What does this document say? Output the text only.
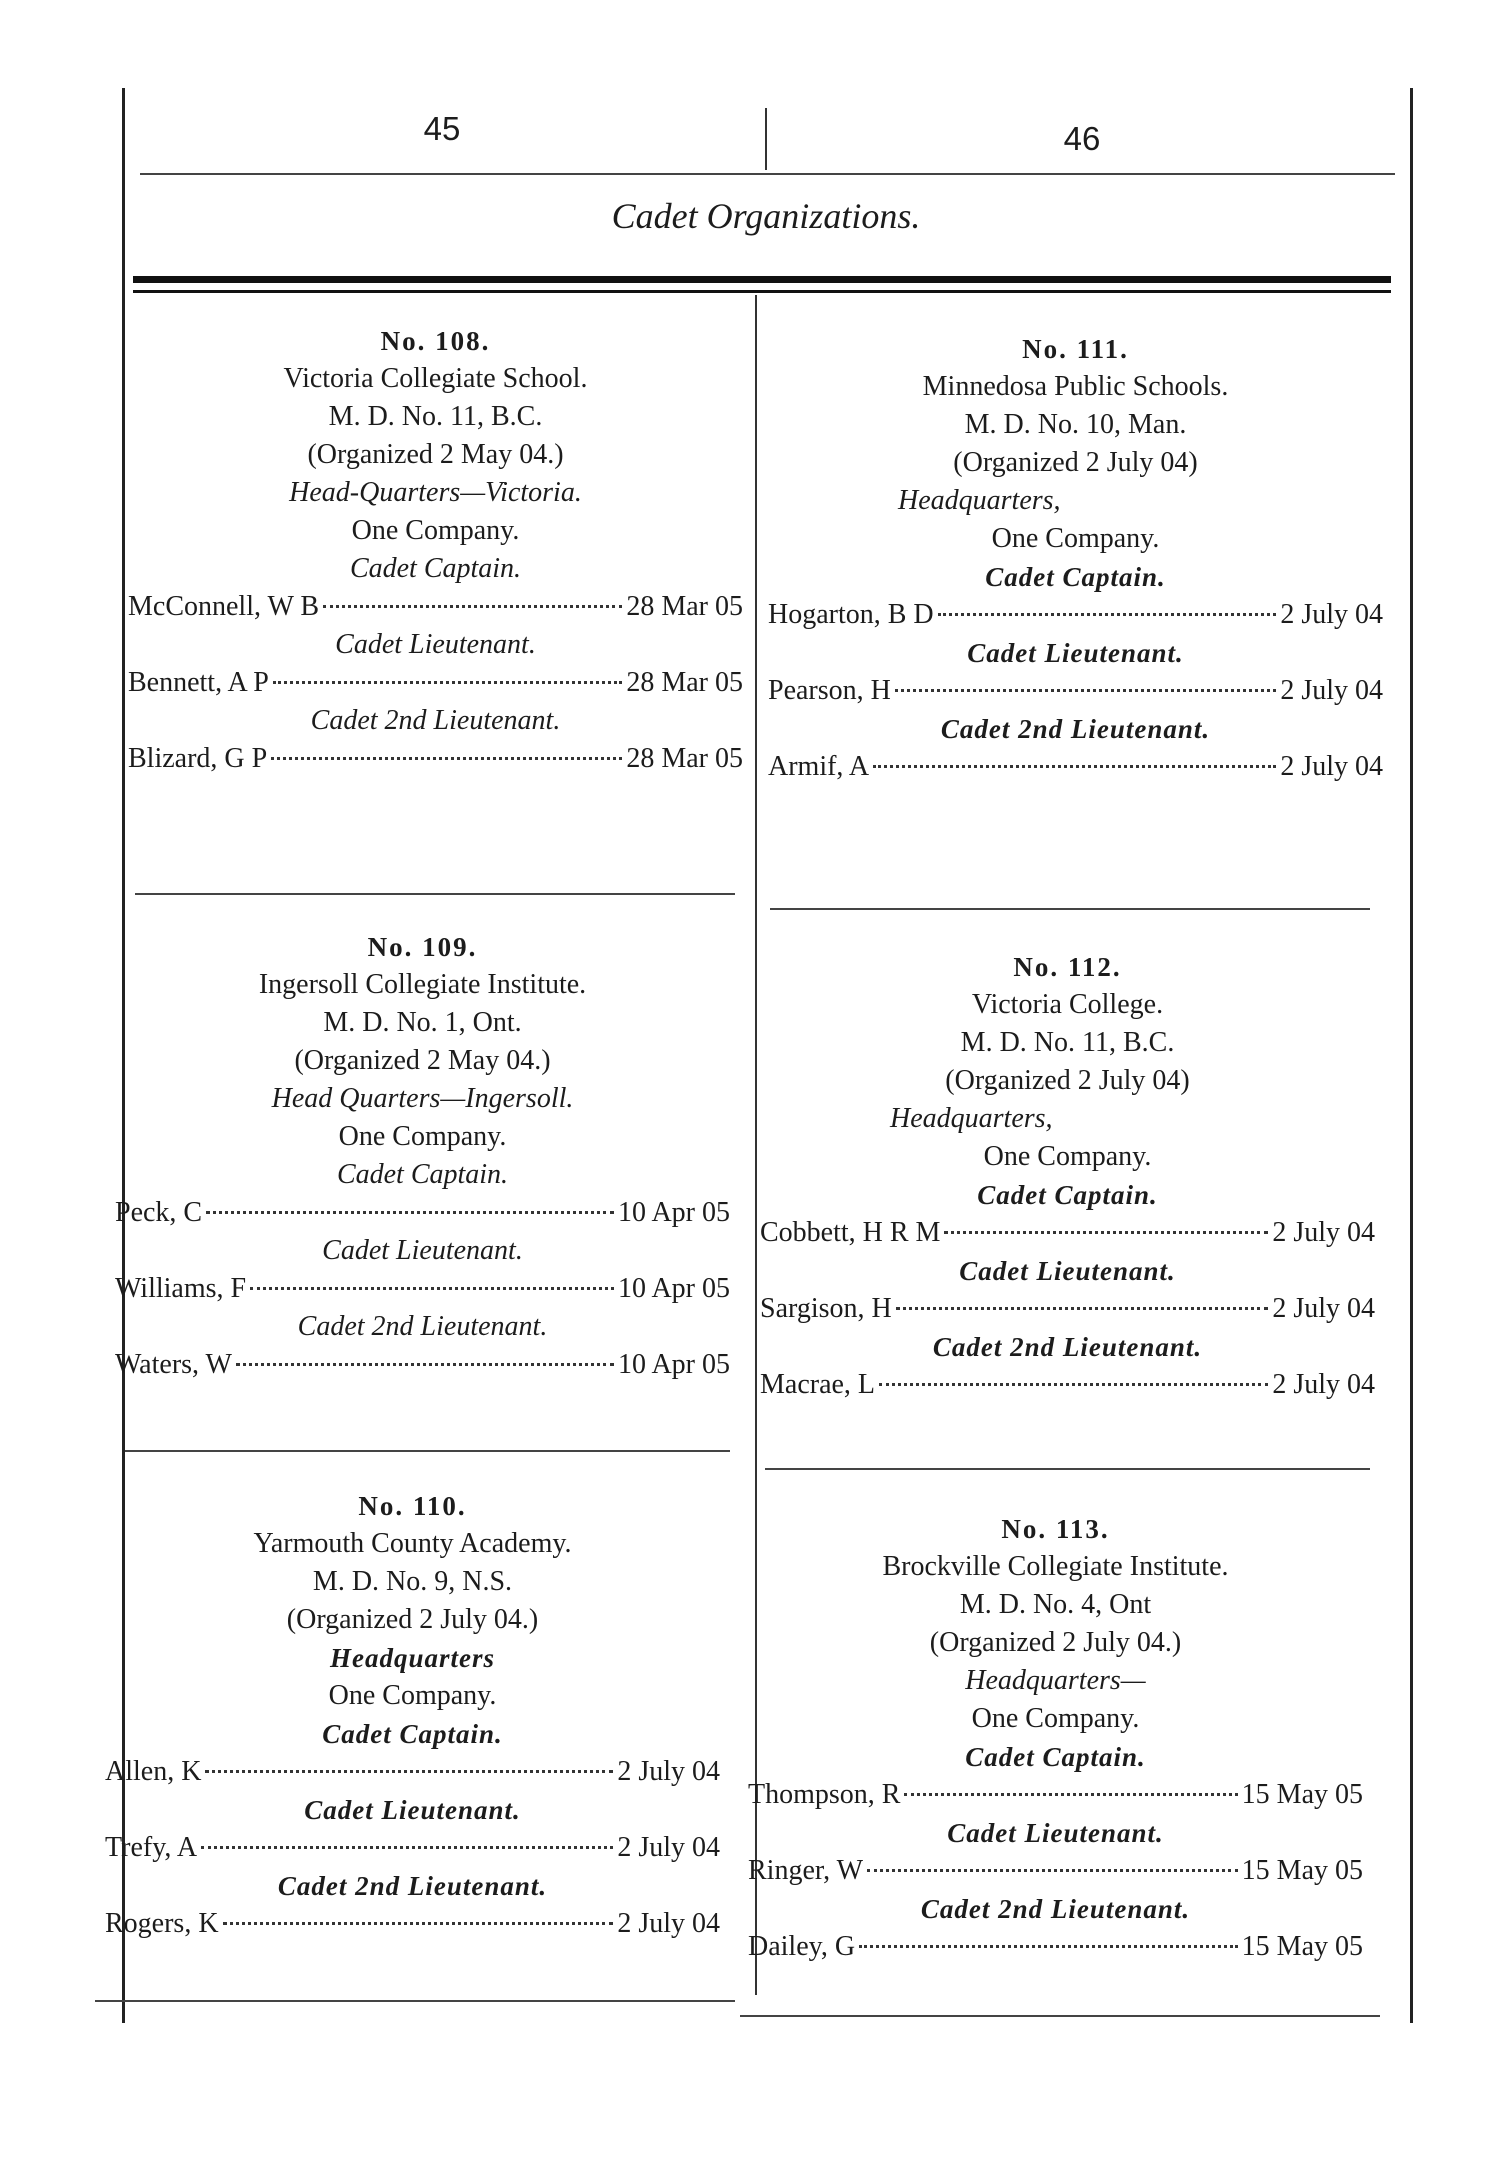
45	46
Cadet Organizations.
No. 108.
Victoria Collegiate School.
M. D. No. 11, B.C.
(Organized 2 May 04.)
Head-Quarters—Victoria.
One Company.
Cadet Captain.
McConnell, W B	28 Mar 05
Cadet Lieutenant.
Bennett, A P	28 Mar 05
Cadet 2nd Lieutenant.
Blizard, G P	28 Mar 05
No. 109.
Ingersoll Collegiate Institute.
M. D. No. 1, Ont.
(Organized 2 May 04.)
Head Quarters—Ingersoll.
One Company.
Cadet Captain.
Peck, C	10 Apr 05
Cadet Lieutenant.
Williams, F	10 Apr 05
Cadet 2nd Lieutenant.
Waters, W	10 Apr 05
No. 110.
Yarmouth County Academy.
M. D. No. 9, N.S.
(Organized 2 July 04.)
Headquarters
One Company.
Cadet Captain.
Allen, K	2 July 04
Cadet Lieutenant.
Trefy, A	2 July 04
Cadet 2nd Lieutenant.
Rogers, K	2 July 04
No. 111.
Minnedosa Public Schools.
M. D. No. 10, Man.
(Organized 2 July 04)
Headquarters,
One Company.
Cadet Captain.
Hogarton, B D	2 July 04
Cadet Lieutenant.
Pearson, H	2 July 04
Cadet 2nd Lieutenant.
Armif, A	2 July 04
No. 112.
Victoria College.
M. D. No. 11, B.C.
(Organized 2 July 04)
Headquarters,
One Company.
Cadet Captain.
Cobbett, H R M	2 July 04
Cadet Lieutenant.
Sargison, H	2 July 04
Cadet 2nd Lieutenant.
Macrae, L	2 July 04
No. 113.
Brockville Collegiate Institute.
M. D. No. 4, Ont
(Organized 2 July 04.)
Headquarters—
One Company.
Cadet Captain.
Thompson, R	15 May 05
Cadet Lieutenant.
Ringer, W	15 May 05
Cadet 2nd Lieutenant.
Dailey, G	15 May 05
